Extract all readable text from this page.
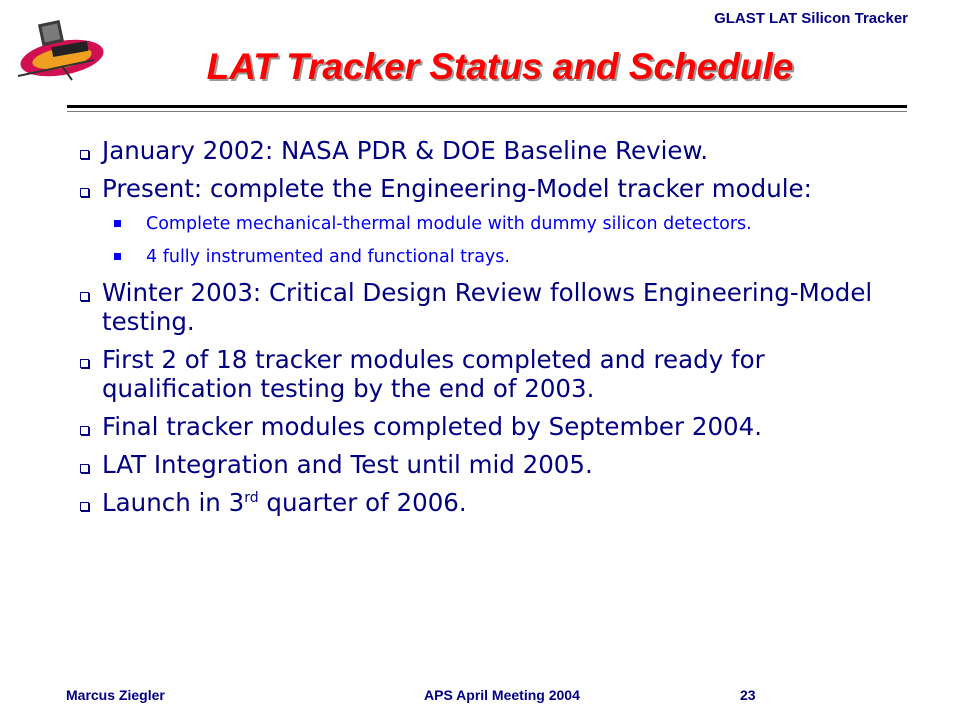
GLAST LAT Silicon Tracker
LAT Tracker Status and Schedule
January 2002: NASA PDR & DOE Baseline Review.
Present: complete the Engineering-Model tracker module:
Complete mechanical-thermal module with dummy silicon detectors.
4 fully instrumented and functional trays.
Winter 2003: Critical Design Review follows Engineering-Model testing.
First 2 of 18 tracker modules completed and ready for qualification testing by the end of 2003.
Final tracker modules completed by September 2004.
LAT Integration and Test until mid 2005.
Launch in 3rd quarter of 2006.
Marcus Ziegler	APS April Meeting 2004	23
